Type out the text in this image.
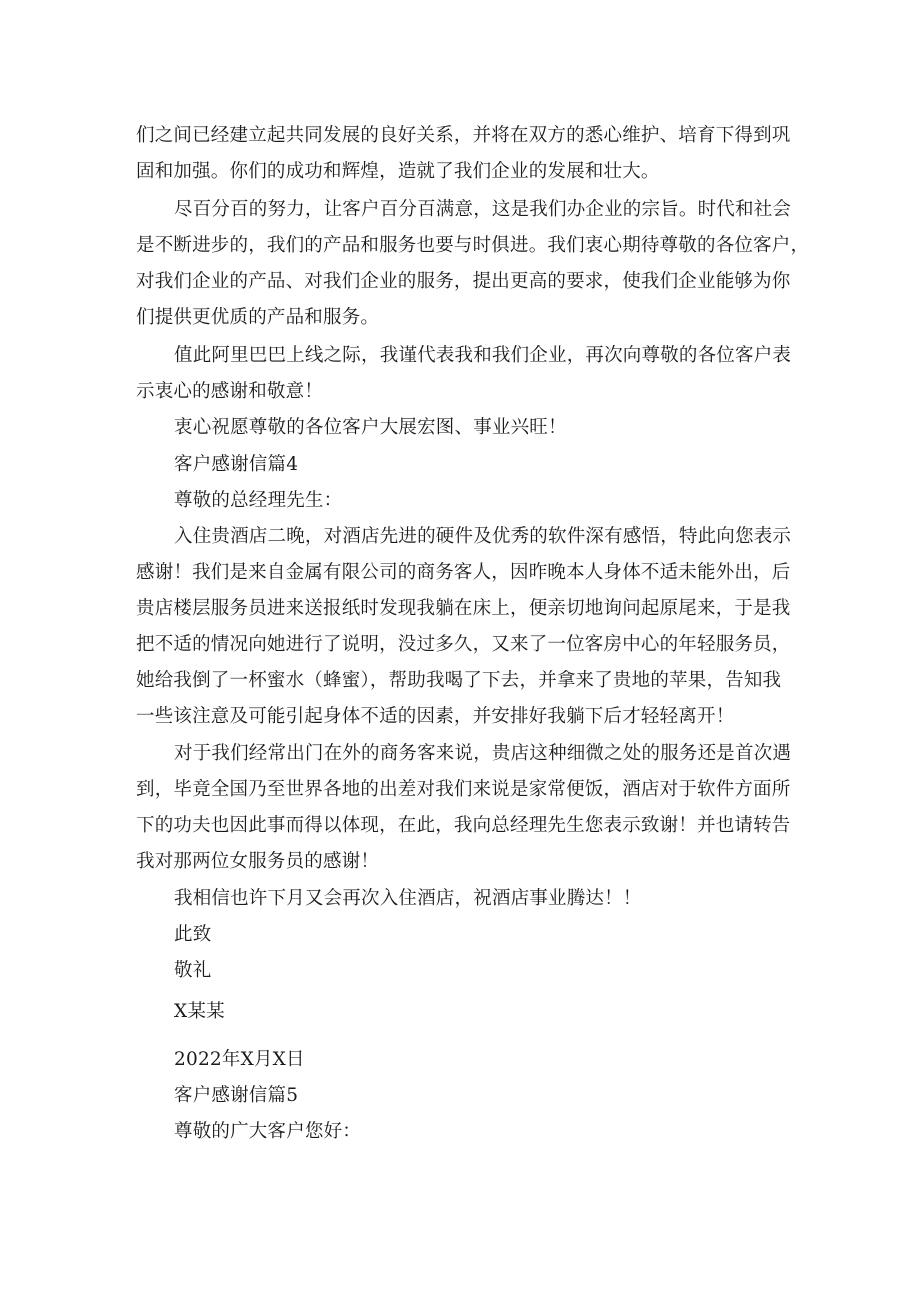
们之间已经建立起共同发展的良好关系，并将在双方的悉心维护、培育下得到巩
固和加强。你们的成功和辉煌，造就了我们企业的发展和壮大。
尽百分百的努力，让客户百分百满意，这是我们办企业的宗旨。时代和社会
是不断进步的，我们的产品和服务也要与时俱进。我们衷心期待尊敬的各位客户，
对我们企业的产品、对我们企业的服务，提出更高的要求，使我们企业能够为你
们提供更优质的产品和服务。
值此阿里巴巴上线之际，我谨代表我和我们企业，再次向尊敬的各位客户表
示衷心的感谢和敬意！
衷心祝愿尊敬的各位客户大展宏图、事业兴旺！
客户感谢信篇4
尊敬的总经理先生：
入住贵酒店二晚，对酒店先进的硬件及优秀的软件深有感悟，特此向您表示
感谢！我们是来自金属有限公司的商务客人，因昨晚本人身体不适未能外出，后
贵店楼层服务员进来送报纸时发现我躺在床上，便亲切地询问起原尾来，于是我
把不适的情况向她进行了说明，没过多久，又来了一位客房中心的年轻服务员，
她给我倒了一杯蜜水（蜂蜜），帮助我喝了下去，并拿来了贵地的苹果，告知我
一些该注意及可能引起身体不适的因素，并安排好我躺下后才轻轻离开！
对于我们经常出门在外的商务客来说，贵店这种细微之处的服务还是首次遇
到，毕竟全国乃至世界各地的出差对我们来说是家常便饭，酒店对于软件方面所
下的功夫也因此事而得以体现，在此，我向总经理先生您表示致谢！并也请转告
我对那两位女服务员的感谢！
我相信也许下月又会再次入住酒店，祝酒店事业腾达！！
此致
敬礼
X某某
2022年X月X日
客户感谢信篇5
尊敬的广大客户您好：
